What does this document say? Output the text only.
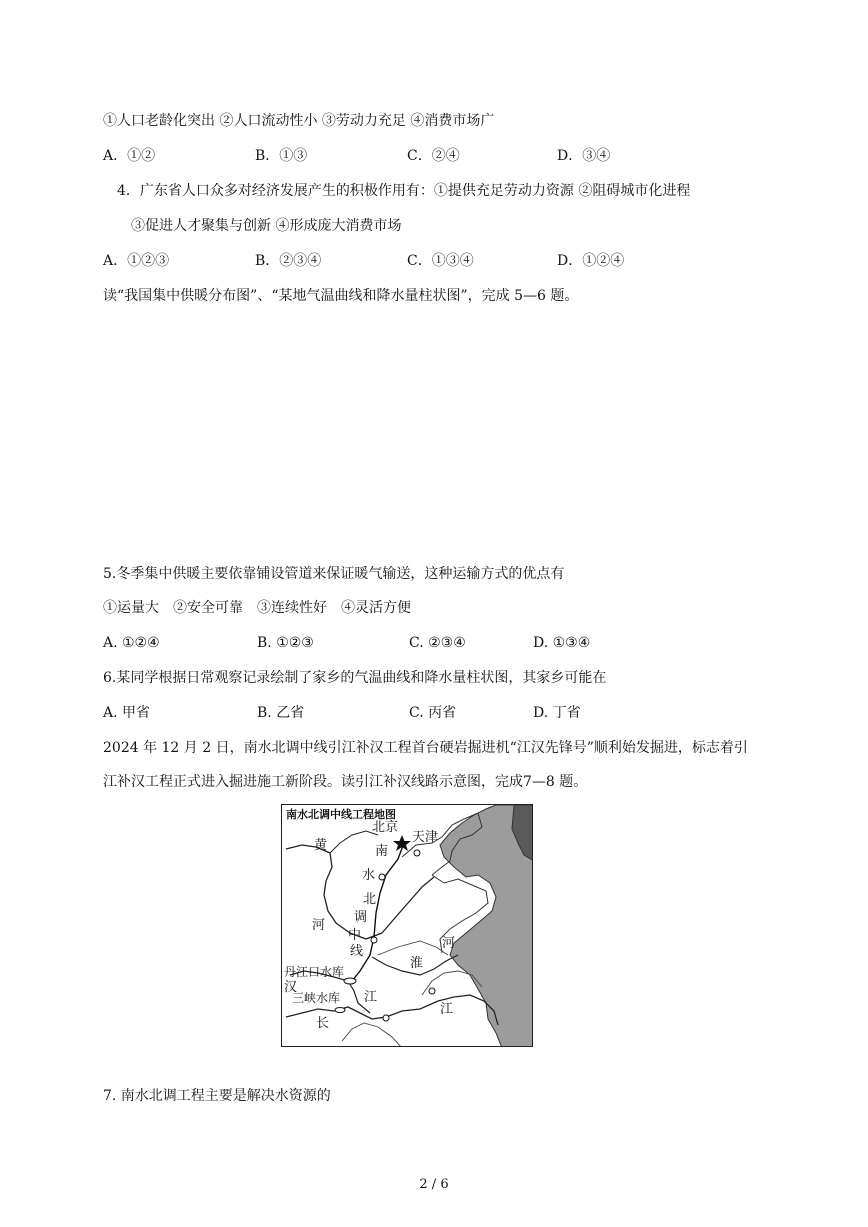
①人口老龄化突出 ②人口流动性小 ③劳动力充足 ④消费市场广
A．①②	B．①③	C．②④	D．③④
4．广东省人口众多对经济发展产生的积极作用有：①提供充足劳动力资源 ②阻碍城市化进程
③促进人才聚集与创新 ④形成庞大消费市场
A．①②③	B．②③④	C．①③④	D．①②④
读“我国集中供暖分布图”、“某地气温曲线和降水量柱状图”，完成 5—6 题。
5.冬季集中供暖主要依靠铺设管道来保证暖气输送，这种运输方式的优点有
①运量大　②安全可靠　③连续性好　④灵活方便
A. ①②④	B. ①②③	C. ②③④	D. ①③④
6.某同学根据日常观察记录绘制了家乡的气温曲线和降水量柱状图，其家乡可能在
A. 甲省	B. 乙省	C. 丙省	D. 丁省
2024 年 12 月 2 日，南水北调中线引江补汉工程首台硬岩掘进机“江汉先锋号”顺利始发掘进，标志着引
江补汉工程正式进入掘进施工新阶段。读引江补汉线路示意图，完成7—8 题。
南水北调中线工程地图
北京
天津
黄	南
水
北
调
河
中
线
河
淮
丹江口水库
汉
三峡水库 江
长
江
7. 南水北调工程主要是解决水资源的
2 / 6
